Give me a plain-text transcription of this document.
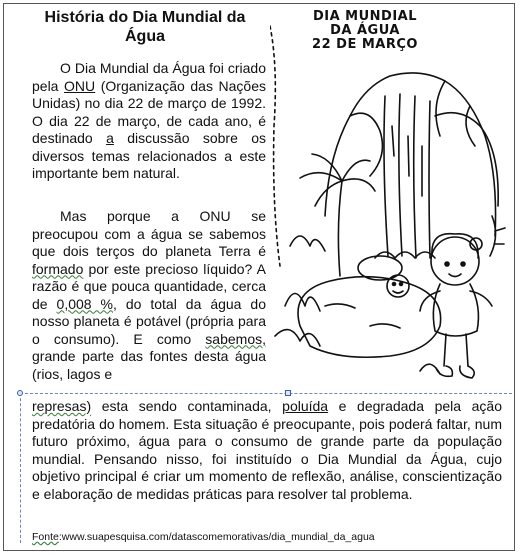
História do Dia Mundial da Água
DIA MUNDIAL
DA ÁGUA
22 DE MARÇO
O Dia Mundial da Água foi criado pela ONU (Organização das Nações Unidas) no dia 22 de março de 1992. O dia 22 de março, de cada ano, é destinado a discussão sobre os diversos temas relacionados a este importante bem natural.
Mas porque a ONU se preocupou com a água se sabemos que dois terços do planeta Terra é formado por este precioso líquido? A razão é que pouca quantidade, cerca de 0,008 %, do total da água do nosso planeta é potável (própria para o consumo). E como sabemos, grande parte das fontes desta água (rios, lagos e
represas) esta sendo contaminada, poluída e degradada pela ação predatória do homem. Esta situação é preocupante, pois poderá faltar, num futuro próximo, água para o consumo de grande parte da população mundial. Pensando nisso, foi instituído o Dia Mundial da Água, cujo objetivo principal é criar um momento de reflexão, análise, conscientização e elaboração de medidas práticas para resolver tal problema.
Fonte:www.suapesquisa.com/datascomemorativas/dia_mundial_da_agua
